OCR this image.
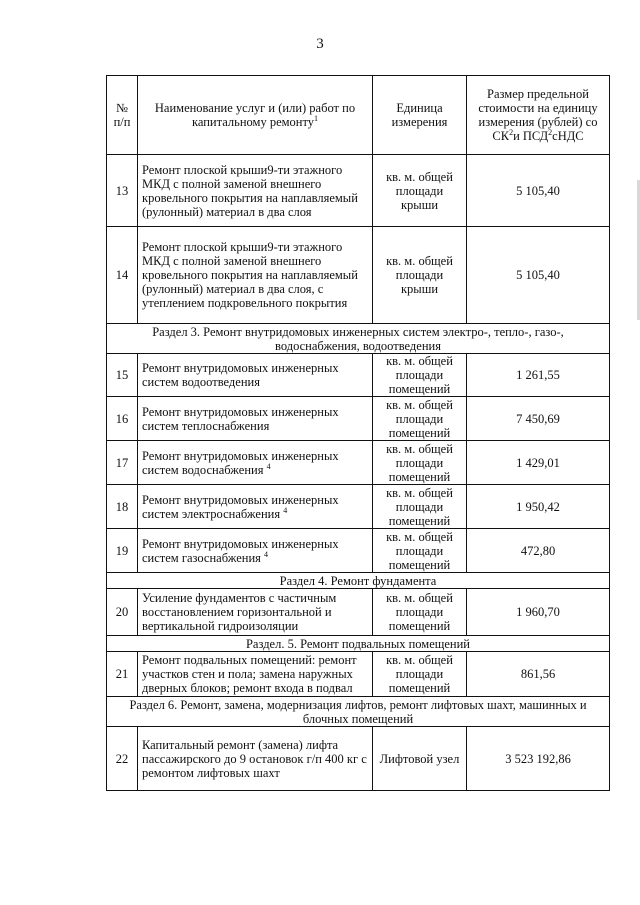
3
№ п/п	Наименование услуг и (или) работ по капитальному ремонту$^1$	Единица измерения	Размер предельной стоимости на единицу измерения (рублей) со $СК^2и$ ПСД$^2$сНДС
13	Ремонт плоской крыши9-ти этажного МКД с полной заменой внешнего кровельного покрытия на наплавляемый (рулонный) материал в два слоя	кв. м. общей площади крыши	5 105,40
14	Ремонт плоской крыши9-ти этажного МКД с полной заменой внешнего кровельного покрытия на наплавляемый (рулонный) материал в два слоя, с утеплением подкровельного покрытия	кв. м. общей площади крыши	5 105,40
Раздел 3. Ремонт внутридомовых инженерных систем электро-, тепло-, газо-, водоснабжения, водоотведения			
15	Ремонт внутридомовых инженерных систем водоотведения	кв. м. общей площади помещений	1 261,55
16	Ремонт внутридомовых инженерных систем теплоснабжения	кв. м. общей площади помещений	7 450,69
17	Ремонт внутридомовых инженерных систем водоснабжения $^4$	кв. м. общей площади помещений	1 429,01
18	Ремонт внутридомовых инженерных систем электроснабжения $^4$	кв. м. общей площади помещений	1 950,42
19	Ремонт внутридомовых инженерных систем газоснабжения $^4$	кв. м. общей площади помещений	472,80
Раздел 4. Ремонт фундамента			
20	Усиление фундаментов с частичным восстановлением горизонтальной и вертикальной гидроизоляции	кв. м. общей площади помещений	1 960,70
Раздел. 5. Ремонт подвальных помещений			
21	Ремонт подвальных помещений: ремонт участков стен и пола; замена наружных дверных блоков; ремонт входа в подвал	кв. м. общей площади помещений	861,56
Раздел 6. Ремонт, замена, модернизация лифтов, ремонт лифтовых шахт, машинных и блочных помещений			
22	Капитальный ремонт (замена) лифта пассажирского до 9 остановок г/п 400 кг с ремонтом лифтовых шахт	Лифтовой узел	3 523 192,86
